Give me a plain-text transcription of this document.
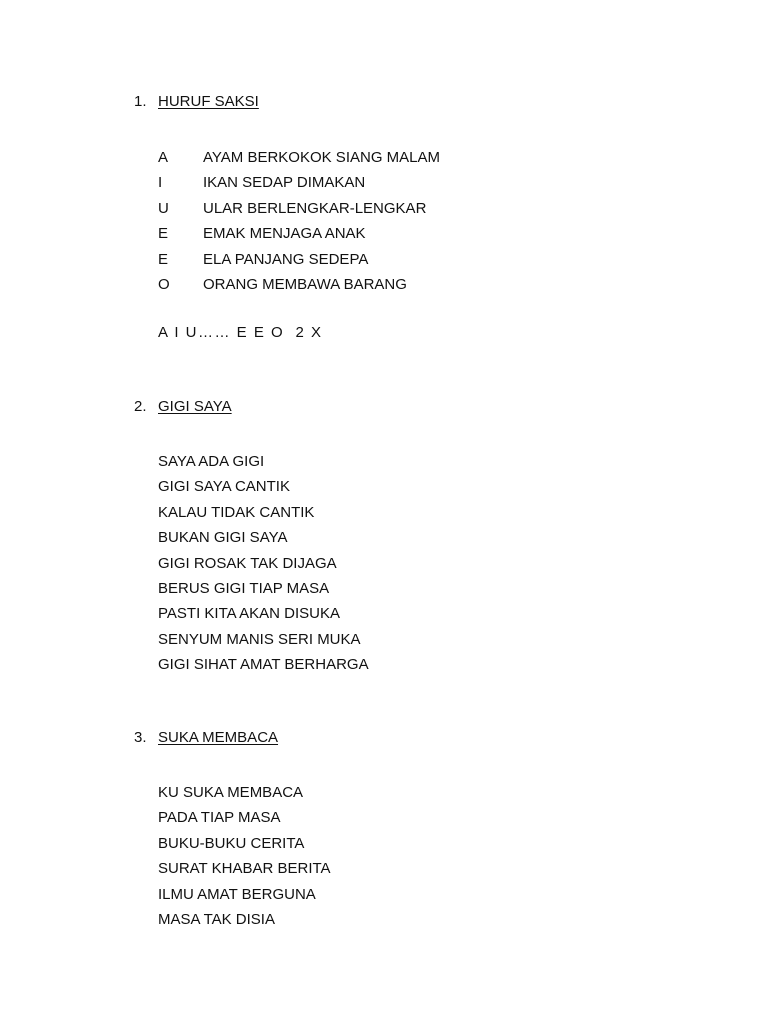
1. HURUF SAKSI
A	AYAM BERKOKOK SIANG MALAM
I	IKAN SEDAP DIMAKAN
U	ULAR BERLENGKAR-LENGKAR
E	EMAK MENJAGA ANAK
E	ELA PANJANG SEDEPA
O	ORANG MEMBAWA BARANG
A I U…… E E O  2 X
2. GIGI SAYA
SAYA ADA GIGI
GIGI SAYA CANTIK
KALAU TIDAK CANTIK
BUKAN GIGI SAYA
GIGI ROSAK TAK DIJAGA
BERUS GIGI TIAP MASA
PASTI KITA AKAN DISUKA
SENYUM MANIS SERI MUKA
GIGI SIHAT AMAT BERHARGA
3. SUKA MEMBACA
KU SUKA MEMBACA
PADA TIAP MASA
BUKU-BUKU CERITA
SURAT KHABAR BERITA
ILMU AMAT BERGUNA
MASA TAK DISIA
